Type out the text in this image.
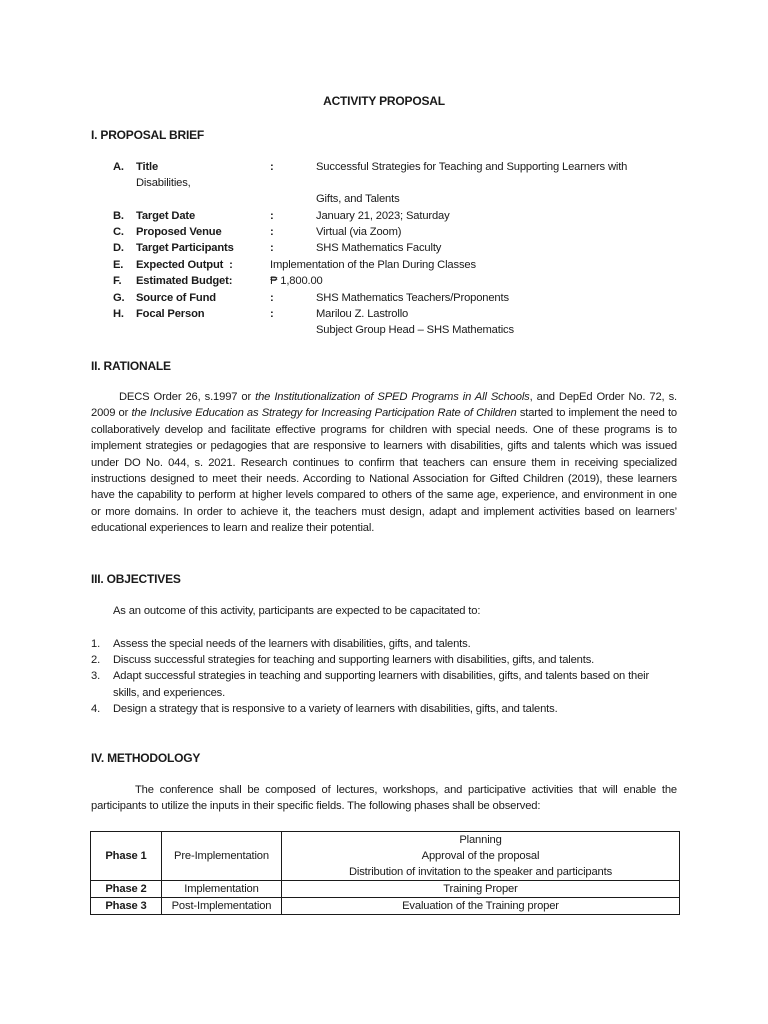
ACTIVITY PROPOSAL
I. PROPOSAL BRIEF
A. Title	:	Successful Strategies for Teaching and Supporting Learners with
Disabilities,
Gifts, and Talents
B. Target Date	:	January 21, 2023; Saturday
C. Proposed Venue	:	Virtual (via Zoom)
D. Target Participants	:	SHS Mathematics Faculty
E. Expected Output  :	Implementation of the Plan During Classes
F. Estimated Budget:	₱ 1,800.00
G. Source of Fund	:	SHS Mathematics Teachers/Proponents
H. Focal Person	:	Marilou Z. Lastrollo
Subject Group Head – SHS Mathematics
II. RATIONALE
DECS Order 26, s.1997 or the Institutionalization of SPED Programs in All Schools, and DepEd Order No. 72, s. 2009 or the Inclusive Education as Strategy for Increasing Participation Rate of Children started to implement the need to collaboratively develop and facilitate effective programs for children with special needs. One of these programs is to implement strategies or pedagogies that are responsive to learners with disabilities, gifts and talents which was issued under DO No. 044, s. 2021. Research continues to confirm that teachers can ensure them in receiving specialized instructions designed to meet their needs. According to National Association for Gifted Children (2019), these learners have the capability to perform at higher levels compared to others of the same age, experience, and environment in one or more domains. In order to achieve it, the teachers must design, adapt and implement activities based on learners’ educational experiences to learn and realize their potential.
III. OBJECTIVES
As an outcome of this activity, participants are expected to be capacitated to:
1. Assess the special needs of the learners with disabilities, gifts, and talents.
2. Discuss successful strategies for teaching and supporting learners with disabilities, gifts, and talents.
3. Adapt successful strategies in teaching and supporting learners with disabilities, gifts, and talents based on their skills, and experiences.
4. Design a strategy that is responsive to a variety of learners with disabilities, gifts, and talents.
IV. METHODOLOGY
The conference shall be composed of lectures, workshops, and participative activities that will enable the participants to utilize the inputs in their specific fields. The following phases shall be observed:
Phase 1	Pre-Implementation	Planning
Approval of the proposal
Distribution of invitation to the speaker and participants

Phase 2	Implementation	Training Proper
Phase 3	Post-Implementation	Evaluation of the Training proper
